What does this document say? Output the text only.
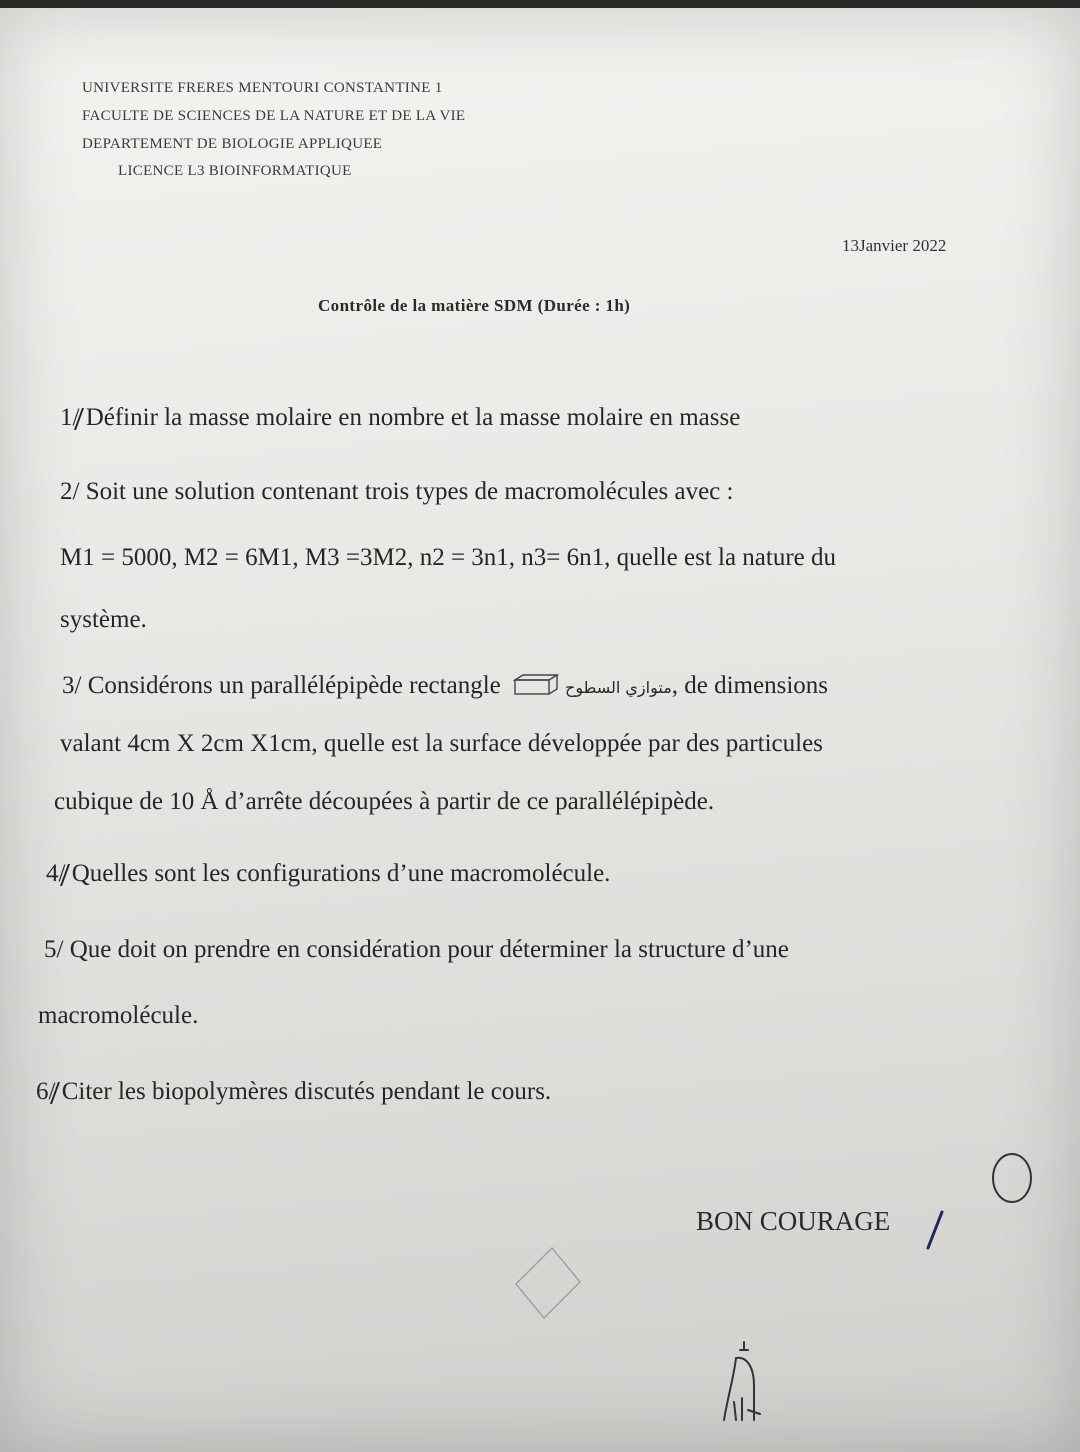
UNIVERSITE FRERES MENTOURI CONSTANTINE 1
FACULTE DE SCIENCES DE LA NATURE ET DE LA VIE
DEPARTEMENT DE BIOLOGIE APPLIQUEE
LICENCE L3 BIOINFORMATIQUE
13Janvier 2022
Contrôle de la matière SDM (Durée : 1h)
1/ Définir la masse molaire en nombre et la masse molaire en masse
2/ Soit une solution contenant trois types de macromolécules avec :
M1 = 5000, M2 = 6M1, M3 =3M2, n2 = 3n1, n3= 6n1, quelle est la nature du
système.
3/ Considérons un parallélépipède rectangle	متوازي السطوح, de dimensions
valant 4cm X 2cm X1cm, quelle est la surface développée par des particules
cubique de 10 Å d’arrête découpées à partir de ce parallélépipède.
4/ Quelles sont les configurations d’une macromolécule.
5/ Que doit on prendre en considération pour déterminer la structure d’une
macromolécule.
6/ Citer les biopolymères discutés pendant le cours.
BON COURAGE
